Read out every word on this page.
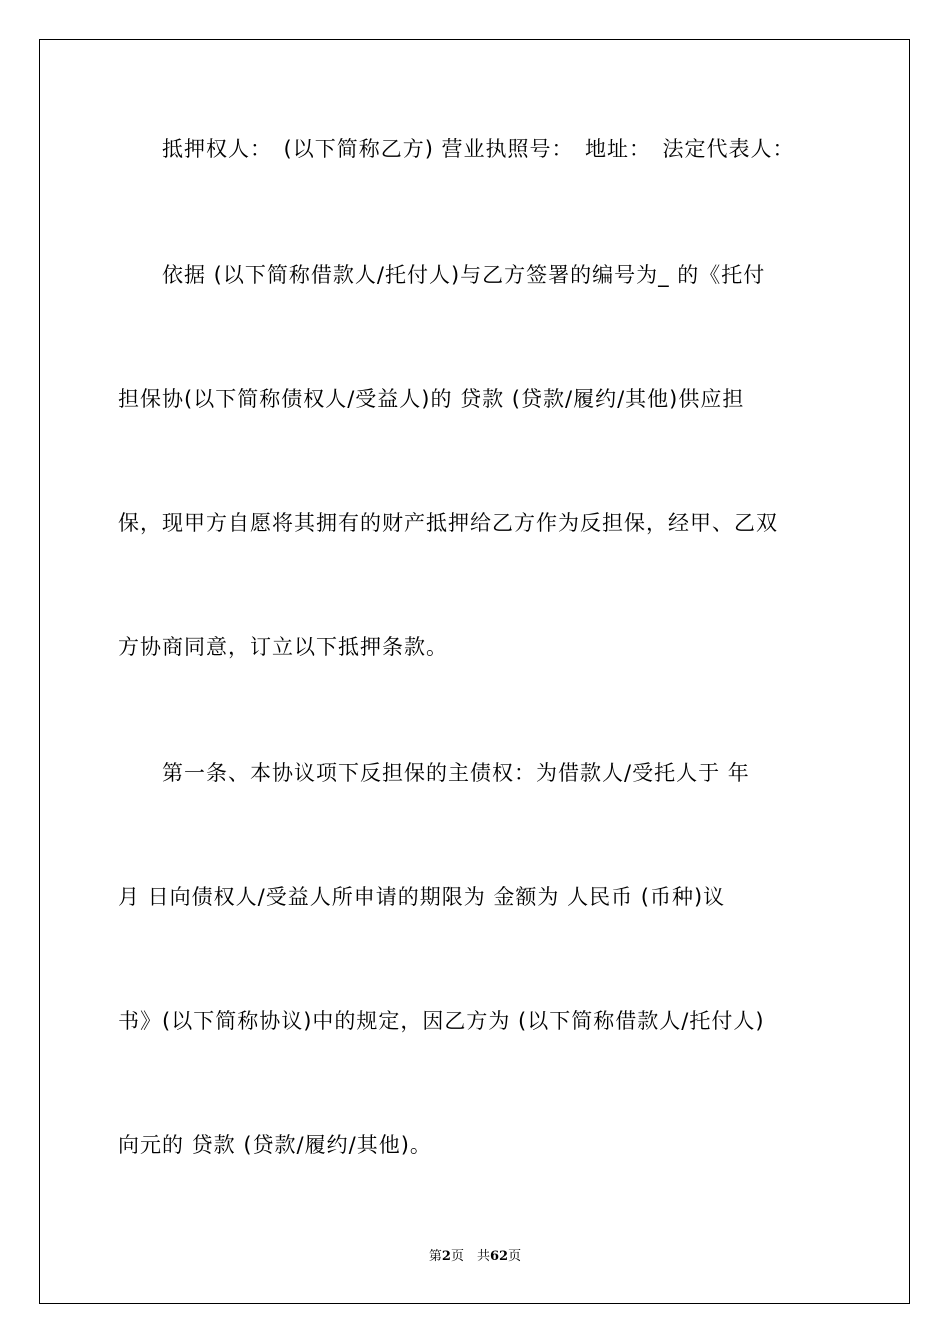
　　抵押权人：　(以下简称乙方) 营业执照号：　地址：　法定代表人：
　　依据 (以下简称借款人/托付人)与乙方签署的编号为_ 的《托付
担保协(以下简称债权人/受益人)的 贷款 (贷款/履约/其他)供应担
保，现甲方自愿将其拥有的财产抵押给乙方作为反担保，经甲、乙双
方协商同意，订立以下抵押条款。
　　第一条、本协议项下反担保的主债权：为借款人/受托人于 年
月 日向债权人/受益人所申请的期限为 金额为 人民币 (币种)议
书》(以下简称协议)中的规定，因乙方为 (以下简称借款人/托付人)
向元的 贷款 (贷款/履约/其他)。
第2页　共62页
